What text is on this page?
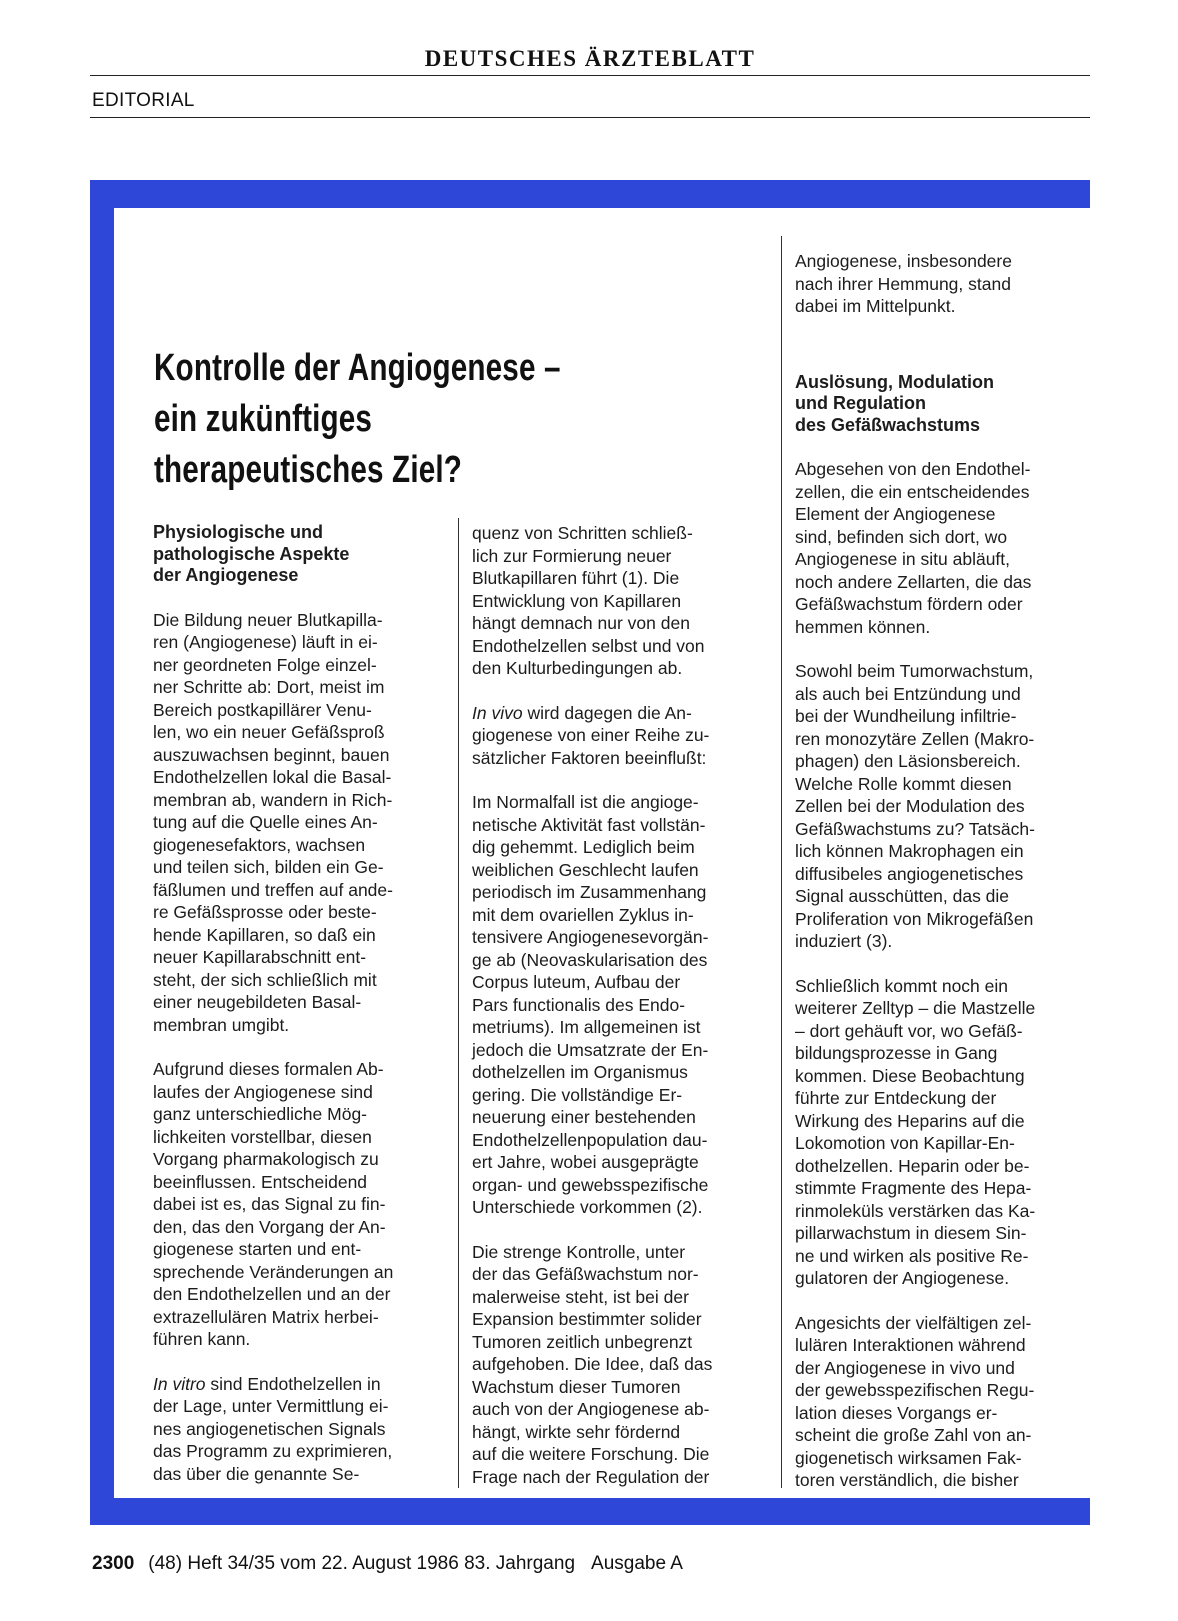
DEUTSCHES ÄRZTEBLATT
EDITORIAL
Kontrolle der Angiogenese –
ein zukünftiges
therapeutisches Ziel?

Physiologische und
pathologische Aspekte
der Angiogenese

Die Bildung neuer Blutkapilla-
ren (Angiogenese) läuft in ei-
ner geordneten Folge einzel-
ner Schritte ab: Dort, meist im
Bereich postkapillärer Venu-
len, wo ein neuer Gefäßsproß
auszuwachsen beginnt, bauen
Endothelzellen lokal die Basal-
membran ab, wandern in Rich-
tung auf die Quelle eines An-
giogenesefaktors, wachsen
und teilen sich, bilden ein Ge-
fäßlumen und treffen auf ande-
re Gefäßsprosse oder beste-
hende Kapillaren, so daß ein
neuer Kapillarabschnitt ent-
steht, der sich schließlich mit
einer neugebildeten Basal-
membran umgibt.

Aufgrund dieses formalen Ab-
laufes der Angiogenese sind
ganz unterschiedliche Mög-
lichkeiten vorstellbar, diesen
Vorgang pharmakologisch zu
beeinflussen. Entscheidend
dabei ist es, das Signal zu fin-
den, das den Vorgang der An-
giogenese starten und ent-
sprechende Veränderungen an
den Endothelzellen und an der
extrazellulären Matrix herbei-
führen kann.

In vitro sind Endothelzellen in
der Lage, unter Vermittlung ei-
nes angiogenetischen Signals
das Programm zu exprimieren,
das über die genannte Se-

quenz von Schritten schließ-
lich zur Formierung neuer
Blutkapillaren führt (1). Die
Entwicklung von Kapillaren
hängt demnach nur von den
Endothelzellen selbst und von
den Kulturbedingungen ab.

In vivo wird dagegen die An-
giogenese von einer Reihe zu-
sätzlicher Faktoren beeinflußt:

Im Normalfall ist die angioge-
netische Aktivität fast vollstän-
dig gehemmt. Lediglich beim
weiblichen Geschlecht laufen
periodisch im Zusammenhang
mit dem ovariellen Zyklus in-
tensivere Angiogenesevorgän-
ge ab (Neovaskularisation des
Corpus luteum, Aufbau der
Pars functionalis des Endo-
metriums). Im allgemeinen ist
jedoch die Umsatzrate der En-
dothelzellen im Organismus
gering. Die vollständige Er-
neuerung einer bestehenden
Endothelzellenpopulation dau-
ert Jahre, wobei ausgeprägte
organ- und gewebsspezifische
Unterschiede vorkommen (2).

Die strenge Kontrolle, unter
der das Gefäßwachstum nor-
malerweise steht, ist bei der
Expansion bestimmter solider
Tumoren zeitlich unbegrenzt
aufgehoben. Die Idee, daß das
Wachstum dieser Tumoren
auch von der Angiogenese ab-
hängt, wirkte sehr fördernd
auf die weitere Forschung. Die
Frage nach der Regulation der

Angiogenese, insbesondere
nach ihrer Hemmung, stand
dabei im Mittelpunkt.

Auslösung, Modulation
und Regulation
des Gefäßwachstums

Abgesehen von den Endothel-
zellen, die ein entscheidendes
Element der Angiogenese
sind, befinden sich dort, wo
Angiogenese in situ abläuft,
noch andere Zellarten, die das
Gefäßwachstum fördern oder
hemmen können.

Sowohl beim Tumorwachstum,
als auch bei Entzündung und
bei der Wundheilung infiltrie-
ren monozytäre Zellen (Makro-
phagen) den Läsionsbereich.
Welche Rolle kommt diesen
Zellen bei der Modulation des
Gefäßwachstums zu? Tatsäch-
lich können Makrophagen ein
diffusibeles angiogenetisches
Signal ausschütten, das die
Proliferation von Mikrogefäßen
induziert (3).

Schließlich kommt noch ein
weiterer Zelltyp – die Mastzelle
– dort gehäuft vor, wo Gefäß-
bildungsprozesse in Gang
kommen. Diese Beobachtung
führte zur Entdeckung der
Wirkung des Heparins auf die
Lokomotion von Kapillar-En-
dothelzellen. Heparin oder be-
stimmte Fragmente des Hepa-
rinmoleküls verstärken das Ka-
pillarwachstum in diesem Sin-
ne und wirken als positive Re-
gulatoren der Angiogenese.

Angesichts der vielfältigen zel-
lulären Interaktionen während
der Angiogenese in vivo und
der gewebsspezifischen Regu-
lation dieses Vorgangs er-
scheint die große Zahl von an-
giogenetisch wirksamen Fak-
toren verständlich, die bisher

2300 (48) Heft 34/35 vom 22. August 1986 83. Jahrgang Ausgabe A
